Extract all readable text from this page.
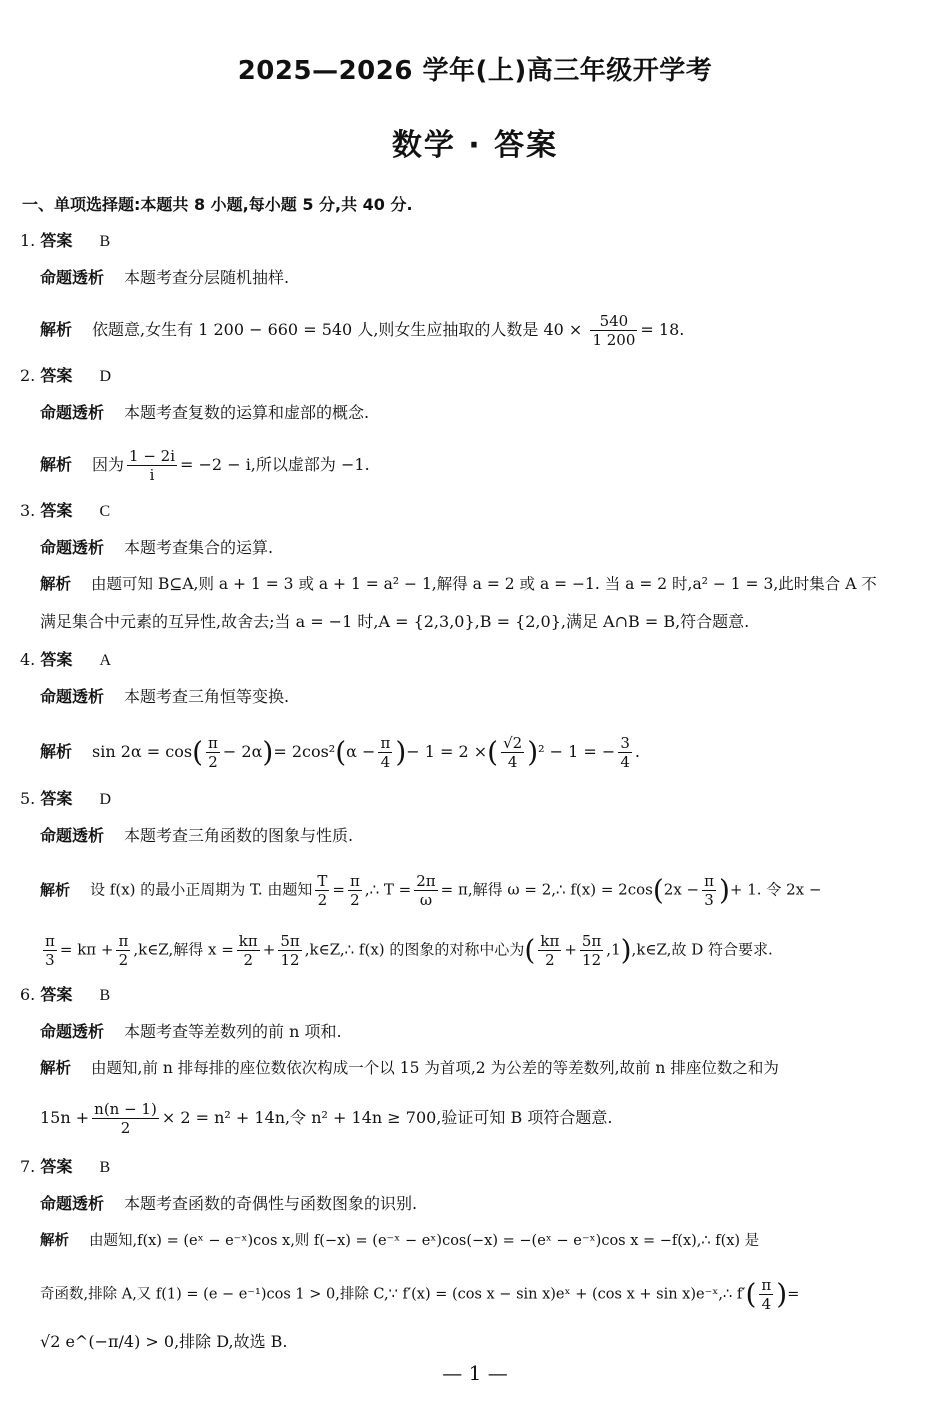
2025—2026 学年(上)高三年级开学考
数学 · 答案
一、单项选择题:本题共 8 小题,每小题 5 分,共 40 分.
1. 答案 B
命题透析 本题考查分层随机抽样.
解析 依题意,女生有 1 200 − 660 = 540 人,则女生应抽取的人数是 $40 \times \frac{540}{1 200} = 18$.
2. 答案 D
命题透析 本题考查复数的运算和虚部的概念.
解析 因为 $\frac{1 - 2i}{i} = -2 - i$,所以虚部为 −1.
3. 答案 C
命题透析 本题考查集合的运算.
解析 由题可知 B⊆A,则 a + 1 = 3 或 a + 1 = a² − 1,解得 a = 2 或 a = −1. 当 a = 2 时,a² − 1 = 3,此时集合 A 不
满足集合中元素的互异性,故舍去;当 a = −1 时,A = {2,3,0},B = {2,0},满足 A∩B = B,符合题意.
4. 答案 A
命题透析 本题考查三角恒等变换.
解析 $\sin 2\alpha = \cos( \frac{\pi}{2} - 2\alpha)= 2\cos^2(\alpha - \frac{\pi}{4}$ )− 1 = 2 ×( $\frac{√2}{4} )^2 - 1$ = − $\frac{3}{4}$ .
5. 答案 D
命题透析 本题考查三角函数的图象与性质.
解析 设 f(x) 的最小正周期为 T. 由题知 $\frac{T}{2} = \frac{\pi}{2}$ ,∴ $T = \frac{2\pi}{\omega} = \pi$,解得 ω = 2,∴ $f(x) = 2\cos(2x - \frac{\pi}{3}$ )+ 1. 令 2x −
$\frac{\pi}{3} = k\pi + \frac{\pi}{2}$ ,k∈Z,解得 $x = \frac{k\pi}{2} + \frac{5\pi}{12}$ ,k∈Z,∴ f(x) 的图象的对称中心为( $\frac{k\pi}{2} + \frac{5\pi}{12}$ ,1),k∈Z,故 D 符合要求.
6. 答案 B
命题透析 本题考查等差数列的前 n 项和.
解析 由题知,前 n 排每排的座位数依次构成一个以 15 为首项,2 为公差的等差数列,故前 n 排座位数之和为
$15n + \frac{n(n - 1)}{2} \times 2 = n^2 + 14n$,令 n² + 14n ≥ 700,验证可知 B 项符合题意.
7. 答案 B
命题透析 本题考查函数的奇偶性与函数图象的识别.
解析 由题知,f(x) = (eˣ − e⁻ˣ)cos x,则 f(−x) = (e⁻ˣ − eˣ)cos(−x) = −(eˣ − e⁻ˣ)cos x = −f(x),∴ f(x) 是
奇函数,排除 A,又 f(1) = (e − e⁻¹)cos 1 > 0,排除 C,∵ f′(x) = (cos x − sin x)eˣ + (cos x + sin x)e⁻ˣ,∴ $f'( \frac{\pi}{4}$ )=
√2 e^(−π/4) > 0,排除 D,故选 B.
— 1 —
